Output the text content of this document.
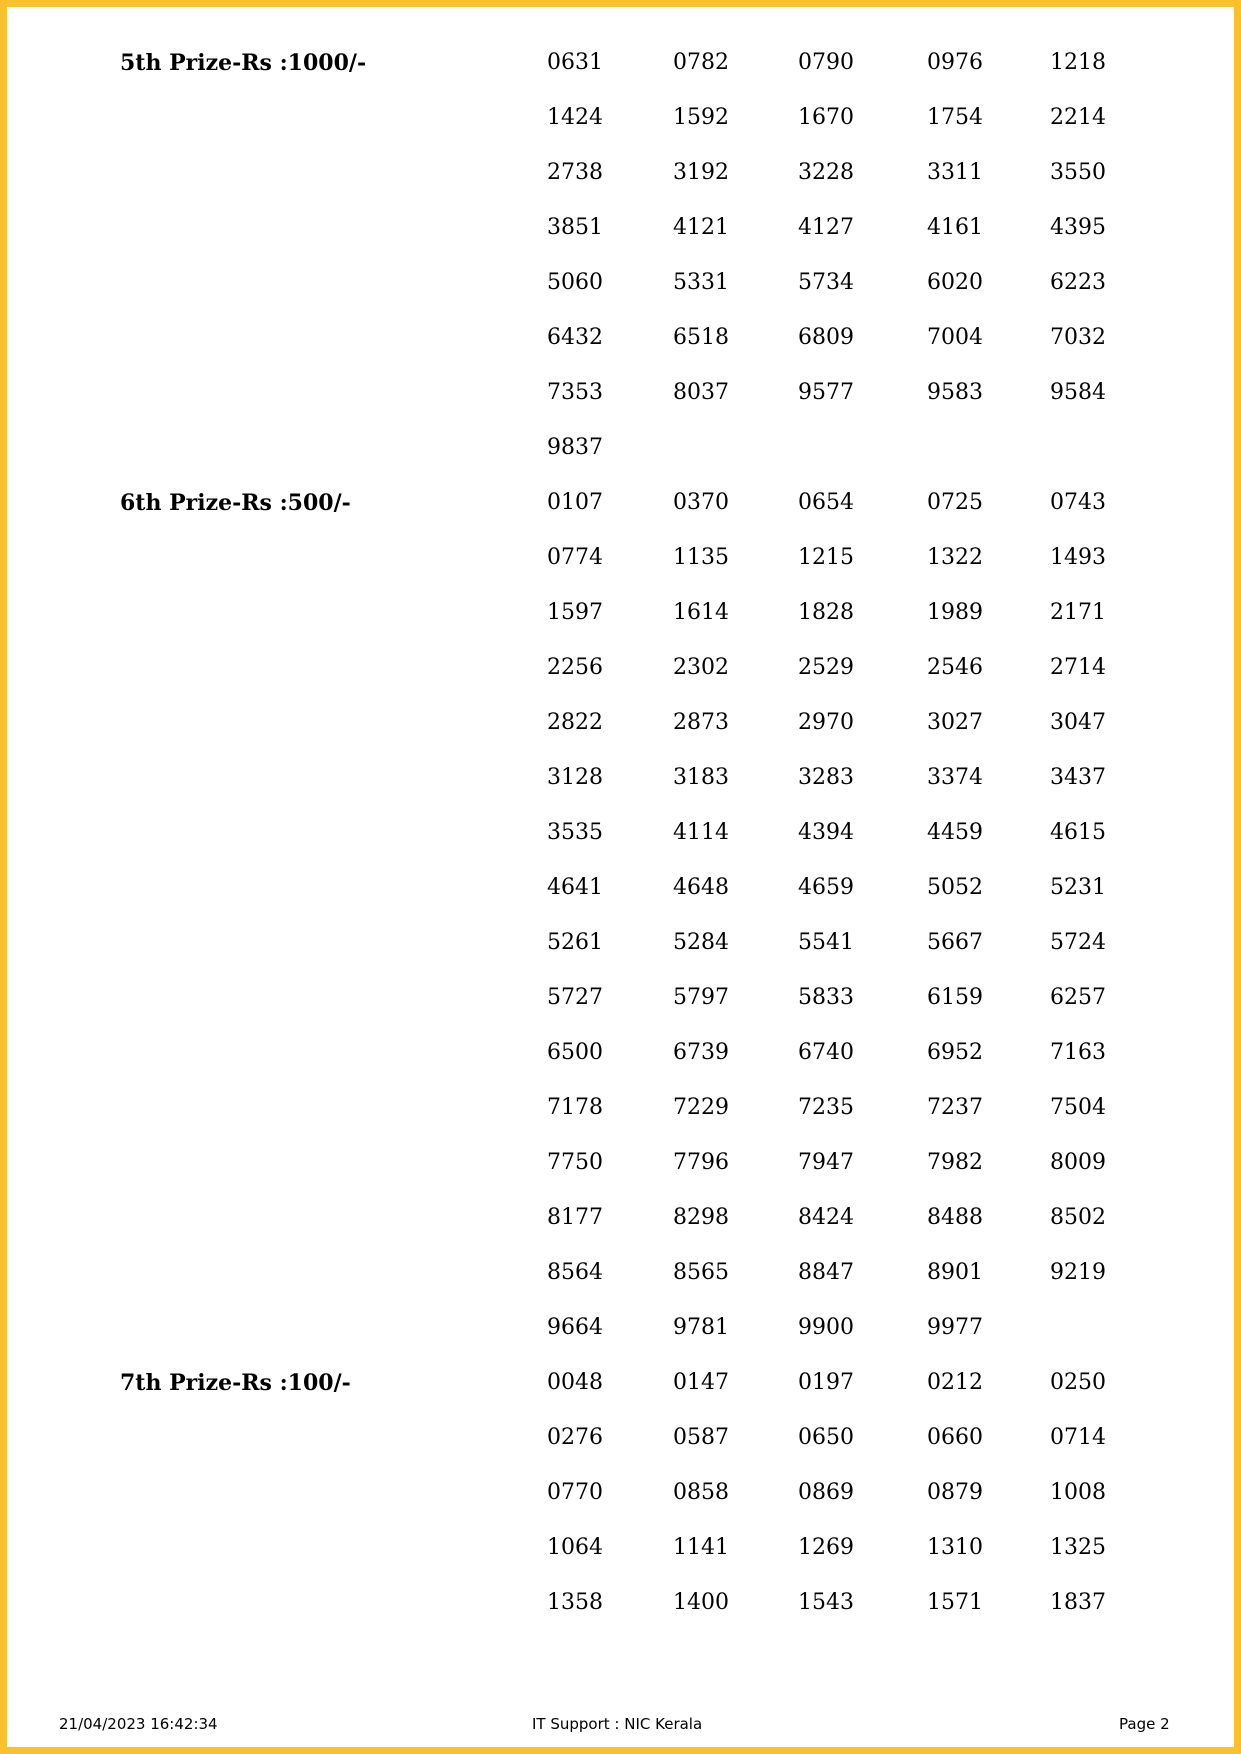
5th Prize-Rs :1000/-	0631	0782	0790	0976	1218
1424	1592	1670	1754	2214
2738	3192	3228	3311	3550
3851	4121	4127	4161	4395
5060	5331	5734	6020	6223
6432	6518	6809	7004	7032
7353	8037	9577	9583	9584
9837
6th Prize-Rs :500/-	0107	0370	0654	0725	0743
0774	1135	1215	1322	1493
1597	1614	1828	1989	2171
2256	2302	2529	2546	2714
2822	2873	2970	3027	3047
3128	3183	3283	3374	3437
3535	4114	4394	4459	4615
4641	4648	4659	5052	5231
5261	5284	5541	5667	5724
5727	5797	5833	6159	6257
6500	6739	6740	6952	7163
7178	7229	7235	7237	7504
7750	7796	7947	7982	8009
8177	8298	8424	8488	8502
8564	8565	8847	8901	9219
9664	9781	9900	9977
7th Prize-Rs :100/-	0048	0147	0197	0212	0250
0276	0587	0650	0660	0714
0770	0858	0869	0879	1008
1064	1141	1269	1310	1325
1358	1400	1543	1571	1837
21/04/2023 16:42:34	IT Support : NIC Kerala	Page 2
